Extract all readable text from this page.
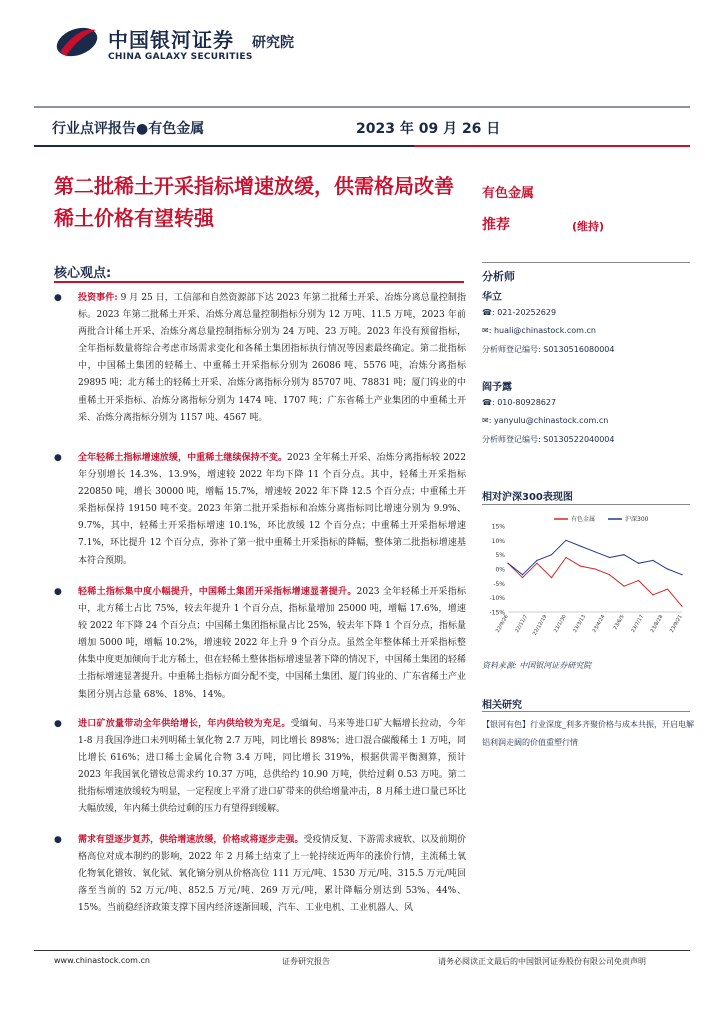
中国银河证券
CHINA GALAXY SECURITIES
研究院
行业点评报告●有色金属	2023 年 09 月 26 日
第二批稀土开采指标增速放缓，供需格局改善稀土价格有望转强
有色金属
推荐	(维持)
核心观点:
● 投资事件: 9 月 25 日，工信部和自然资源部下达 2023 年第二批稀土开采、冶炼分离总量控制指标。2023 年第二批稀土开采、冶炼分离总量控制指标分别为 12 万吨、11.5 万吨，2023 年前两批合计稀土开采、冶炼分离总量控制指标分别为 24 万吨、23 万吨。2023 年没有预留指标，全年指标数量将综合考虑市场需求变化和各稀土集团指标执行情况等因素最终确定。第二批指标中，中国稀土集团的轻稀土、中重稀土开采指标分别为 26086 吨、5576 吨，冶炼分离指标 29895 吨；北方稀土的轻稀土开采、冶炼分离指标分别为 85707 吨、78831 吨；厦门钨业的中重稀土开采指标、冶炼分离指标分别为 1474 吨、1707 吨；广东省稀土产业集团的中重稀土开采、冶炼分离指标分别为 1157 吨、4567 吨。
● 全年轻稀土指标增速放缓，中重稀土继续保持不变。2023 全年稀土开采、冶炼分离指标较 2022 年分别增长 14.3%、13.9%，增速较 2022 年均下降 11 个百分点。其中，轻稀土开采指标 220850 吨，增长 30000 吨，增幅 15.7%，增速较 2022 年下降 12.5 个百分点；中重稀土开采指标保持 19150 吨不变。2023 年第二批开采指标和冶炼分离指标同比增速分别为 9.9%、9.7%，其中，轻稀土开采指标增速 10.1%，环比放缓 12 个百分点；中重稀土开采指标增速 7.1%，环比提升 12 个百分点，弥补了第一批中重稀土开采指标的降幅，整体第二批指标增速基本符合预期。
● 轻稀土指标集中度小幅提升，中国稀土集团开采指标增速显著提升。2023 全年轻稀土开采指标中，北方稀土占比 75%，较去年提升 1 个百分点，指标量增加 25000 吨，增幅 17.6%，增速较 2022 年下降 24 个百分点；中国稀土集团指标量占比 25%，较去年下降 1 个百分点，指标量增加 5000 吨，增幅 10.2%，增速较 2022 年上升 9 个百分点。虽然全年整体稀土开采指标整体集中度更加倾向于北方稀土，但在轻稀土整体指标增速显著下降的情况下，中国稀土集团的轻稀土指标增速显著提升。中重稀土指标方面分配不变，中国稀土集团、厦门钨业的、广东省稀土产业集团分别占总量 68%、18%、14%。
● 进口矿放量带动全年供给增长，年内供给较为充足。受缅甸、马来等进口矿大幅增长拉动，今年 1-8 月我国净进口未列明稀土氧化物 2.7 万吨，同比增长 898%；进口混合碳酸稀土 1 万吨，同比增长 616%；进口稀土金属化合物 3.4 万吨，同比增长 319%，根据供需平衡测算，预计 2023 年我国氧化镨钕总需求约 10.37 万吨，总供给约 10.90 万吨，供给过剩 0.53 万吨。第二批指标增速放缓较为明显，一定程度上平滑了进口矿带来的供给增量冲击，8 月稀土进口量已环比大幅放缓，年内稀土供给过剩的压力有望得到缓解。
● 需求有望逐步复苏，供给增速放缓，价格或将逐步走强。受疫情反复、下游需求疲软、以及前期价格高位对成本制约的影响，2022 年 2 月稀土结束了上一轮持续近两年的涨价行情，主流稀土氧化物氧化镨钕、氧化铽、氧化镝分别从价格高位 111 万元/吨、1530 万元/吨、315.5 万元/吨回落至当前的 52 万元/吨、852.5 万元/吨、269 万元/吨，累计降幅分别达到 53%、44%、15%。当前稳经济政策支撑下国内经济逐渐回暖，汽车、工业电机、工业机器人、风
分析师
华立
☎: 021-20252629
✉: huali@chinastock.com.cn
分析师登记编号: S0130516080004
阎予露
☎: 010-80928627
✉: yanyulu@chinastock.com.cn
分析师登记编号: S0130522040004
相对沪深300表现图
15%
10%
5%
0%
-5%
-10%
-15%
22/9/26 22/11/7 22/12/19 23/1/30 23/3/13 23/4/24 23/6/5 23/7/17 23/8/28 23/9/21
有色金属	沪深300
资料来源: 中国银河证券研究院
相关研究
【银河有色】行业深度_利多齐聚价格与成本共振，开启电解铝利润走阔的价值重塑行情
www.chinastock.com.cn	证券研究报告	请务必阅读正文最后的中国银河证券股份有限公司免责声明
